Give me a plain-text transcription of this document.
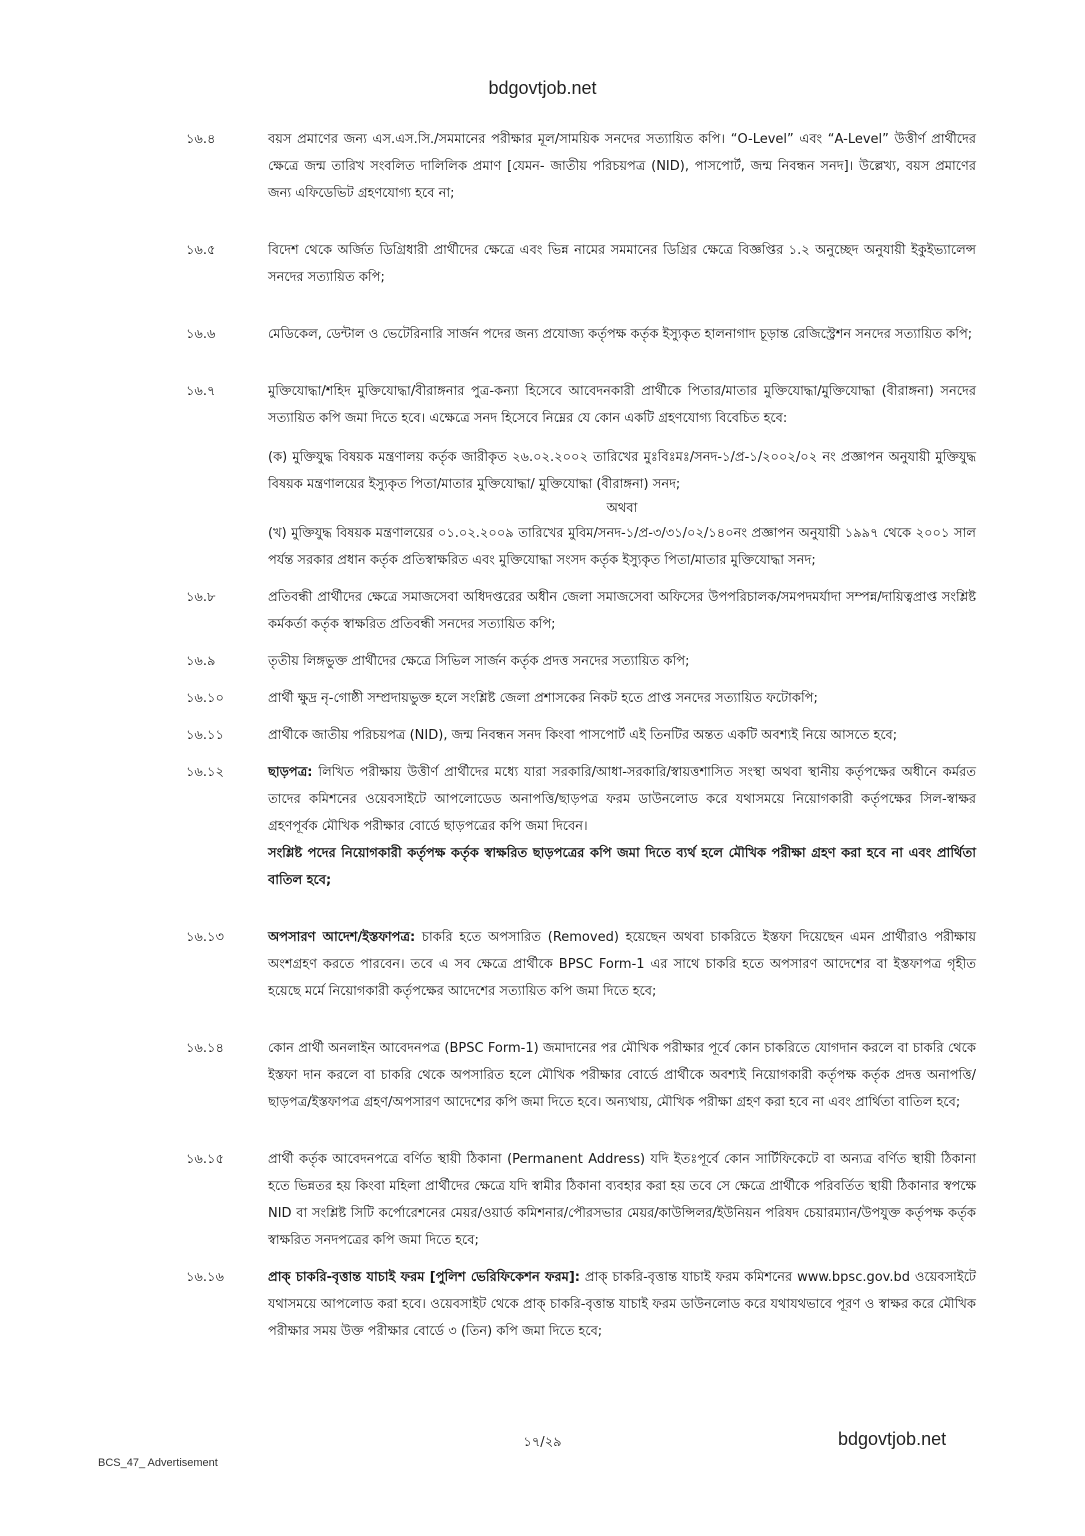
bdgovtjob.net
১৬.৪	বয়স প্রমাণের জন্য এস.এস.সি./সমমানের পরীক্ষার মূল/সাময়িক সনদের সত্যায়িত কপি। “O-Level” এবং “A-Level” উত্তীর্ণ প্রার্থীদের ক্ষেত্রে জন্ম তারিখ সংবলিত দালিলিক প্রমাণ [যেমন- জাতীয় পরিচয়পত্র (NID), পাসপোর্ট, জন্ম নিবন্ধন সনদ]। উল্লেখ্য, বয়স প্রমাণের জন্য এফিডেভিট গ্রহণযোগ্য হবে না;
১৬.৫	বিদেশ থেকে অর্জিত ডিগ্রিধারী প্রার্থীদের ক্ষেত্রে এবং ভিন্ন নামের সমমানের ডিগ্রির ক্ষেত্রে বিজ্ঞপ্তির ১.২ অনুচ্ছেদ অনুযায়ী ইকুইভ্যালেন্স সনদের সত্যায়িত কপি;
১৬.৬	মেডিকেল, ডেন্টাল ও ভেটেরিনারি সার্জন পদের জন্য প্রযোজ্য কর্তৃপক্ষ কর্তৃক ইস্যুকৃত হালনাগাদ চূড়ান্ত রেজিস্ট্রেশন সনদের সত্যায়িত কপি;
১৬.৭	মুক্তিযোদ্ধা/শহিদ মুক্তিযোদ্ধা/বীরাঙ্গনার পুত্র-কন্যা হিসেবে আবেদনকারী প্রার্থীকে পিতার/মাতার মুক্তিযোদ্ধা/মুক্তিযোদ্ধা (বীরাঙ্গনা) সনদের সত্যায়িত কপি জমা দিতে হবে। এক্ষেত্রে সনদ হিসেবে নিম্নের যে কোন একটি গ্রহণযোগ্য বিবেচিত হবে:
(ক) মুক্তিযুদ্ধ বিষয়ক মন্ত্রণালয় কর্তৃক জারীকৃত ২৬.০২.২০০২ তারিখের মুঃবিঃমঃ/সনদ-১/প্র-১/২০০২/০২ নং প্রজ্ঞাপন অনুযায়ী মুক্তিযুদ্ধ বিষয়ক মন্ত্রণালয়ের ইস্যুকৃত পিতা/মাতার মুক্তিযোদ্ধা/ মুক্তিযোদ্ধা (বীরাঙ্গনা) সনদ;
অথবা
(খ) মুক্তিযুদ্ধ বিষয়ক মন্ত্রণালয়ের ০১.০২.২০০৯ তারিখের মুবিম/সনদ-১/প্র-৩/৩১/০২/১৪০নং প্রজ্ঞাপন অনুযায়ী ১৯৯৭ থেকে ২০০১ সাল পর্যন্ত সরকার প্রধান কর্তৃক প্রতিস্বাক্ষরিত এবং মুক্তিযোদ্ধা সংসদ কর্তৃক ইস্যুকৃত পিতা/মাতার মুক্তিযোদ্ধা সনদ;
১৬.৮	প্রতিবন্ধী প্রার্থীদের ক্ষেত্রে সমাজসেবা অধিদপ্তরের অধীন জেলা সমাজসেবা অফিসের উপপরিচালক/সমপদমর্যাদা সম্পন্ন/দায়িত্বপ্রাপ্ত সংশ্লিষ্ট কর্মকর্তা কর্তৃক স্বাক্ষরিত প্রতিবন্ধী সনদের সত্যায়িত কপি;
১৬.৯	তৃতীয় লিঙ্গভুক্ত প্রার্থীদের ক্ষেত্রে সিভিল সার্জন কর্তৃক প্রদত্ত সনদের সত্যায়িত কপি;
১৬.১০	প্রার্থী ক্ষুদ্র নৃ-গোষ্ঠী সম্প্রদায়ভুক্ত হলে সংশ্লিষ্ট জেলা প্রশাসকের নিকট হতে প্রাপ্ত সনদের সত্যায়িত ফটোকপি;
১৬.১১	প্রার্থীকে জাতীয় পরিচয়পত্র (NID), জন্ম নিবন্ধন সনদ কিংবা পাসপোর্ট এই তিনটির অন্তত একটি অবশ্যই নিয়ে আসতে হবে;
১৬.১২	ছাড়পত্র: লিখিত পরীক্ষায় উত্তীর্ণ প্রার্থীদের মধ্যে যারা সরকারি/আধা-সরকারি/স্বায়ত্তশাসিত সংস্থা অথবা স্থানীয় কর্তৃপক্ষের অধীনে কর্মরত তাদের কমিশনের ওয়েবসাইটে আপলোডেড অনাপত্তি/ছাড়পত্র ফরম ডাউনলোড করে যথাসময়ে নিয়োগকারী কর্তৃপক্ষের সিল-স্বাক্ষর গ্রহণপূর্বক মৌখিক পরীক্ষার বোর্ডে ছাড়পত্রের কপি জমা দিবেন।
সংশ্লিষ্ট পদের নিয়োগকারী কর্তৃপক্ষ কর্তৃক স্বাক্ষরিত ছাড়পত্রের কপি জমা দিতে ব্যর্থ হলে মৌখিক পরীক্ষা গ্রহণ করা হবে না এবং প্রার্থিতা বাতিল হবে;
১৬.১৩	অপসারণ আদেশ/ইস্তফাপত্র: চাকরি হতে অপসারিত (Removed) হয়েছেন অথবা চাকরিতে ইস্তফা দিয়েছেন এমন প্রার্থীরাও পরীক্ষায় অংশগ্রহণ করতে পারবেন। তবে এ সব ক্ষেত্রে প্রার্থীকে BPSC Form-1 এর সাথে চাকরি হতে অপসারণ আদেশের বা ইস্তফাপত্র গৃহীত হয়েছে মর্মে নিয়োগকারী কর্তৃপক্ষের আদেশের সত্যায়িত কপি জমা দিতে হবে;
১৬.১৪	কোন প্রার্থী অনলাইন আবেদনপত্র (BPSC Form-1) জমাদানের পর মৌখিক পরীক্ষার পূর্বে কোন চাকরিতে যোগদান করলে বা চাকরি থেকে ইস্তফা দান করলে বা চাকরি থেকে অপসারিত হলে মৌখিক পরীক্ষার বোর্ডে প্রার্থীকে অবশ্যই নিয়োগকারী কর্তৃপক্ষ কর্তৃক প্রদত্ত অনাপত্তি/ছাড়পত্র/ইস্তফাপত্র গ্রহণ/অপসারণ আদেশের কপি জমা দিতে হবে। অন্যথায়, মৌখিক পরীক্ষা গ্রহণ করা হবে না এবং প্রার্থিতা বাতিল হবে;
১৬.১৫	প্রার্থী কর্তৃক আবেদনপত্রে বর্ণিত স্থায়ী ঠিকানা (Permanent Address) যদি ইতঃপূর্বে কোন সার্টিফিকেটে বা অন্যত্র বর্ণিত স্থায়ী ঠিকানা হতে ভিন্নতর হয় কিংবা মহিলা প্রার্থীদের ক্ষেত্রে যদি স্বামীর ঠিকানা ব্যবহার করা হয় তবে সে ক্ষেত্রে প্রার্থীকে পরিবর্তিত স্থায়ী ঠিকানার স্বপক্ষে NID বা সংশ্লিষ্ট সিটি কর্পোরেশনের মেয়র/ওয়ার্ড কমিশনার/পৌরসভার মেয়র/কাউন্সিলর/ইউনিয়ন পরিষদ চেয়ারম্যান/উপযুক্ত কর্তৃপক্ষ কর্তৃক স্বাক্ষরিত সনদপত্রের কপি জমা দিতে হবে;
১৬.১৬	প্রাক্ চাকরি-বৃত্তান্ত যাচাই ফরম [পুলিশ ভেরিফিকেশন ফরম]: প্রাক্ চাকরি-বৃত্তান্ত যাচাই ফরম কমিশনের www.bpsc.gov.bd ওয়েবসাইটে যথাসময়ে আপলোড করা হবে। ওয়েবসাইট থেকে প্রাক্ চাকরি-বৃত্তান্ত যাচাই ফরম ডাউনলোড করে যথাযথভাবে পূরণ ও স্বাক্ষর করে মৌখিক পরীক্ষার সময় উক্ত পরীক্ষার বোর্ডে ৩ (তিন) কপি জমা দিতে হবে;
১৭/২৯	bdgovtjob.net
BCS_47_ Advertisement
